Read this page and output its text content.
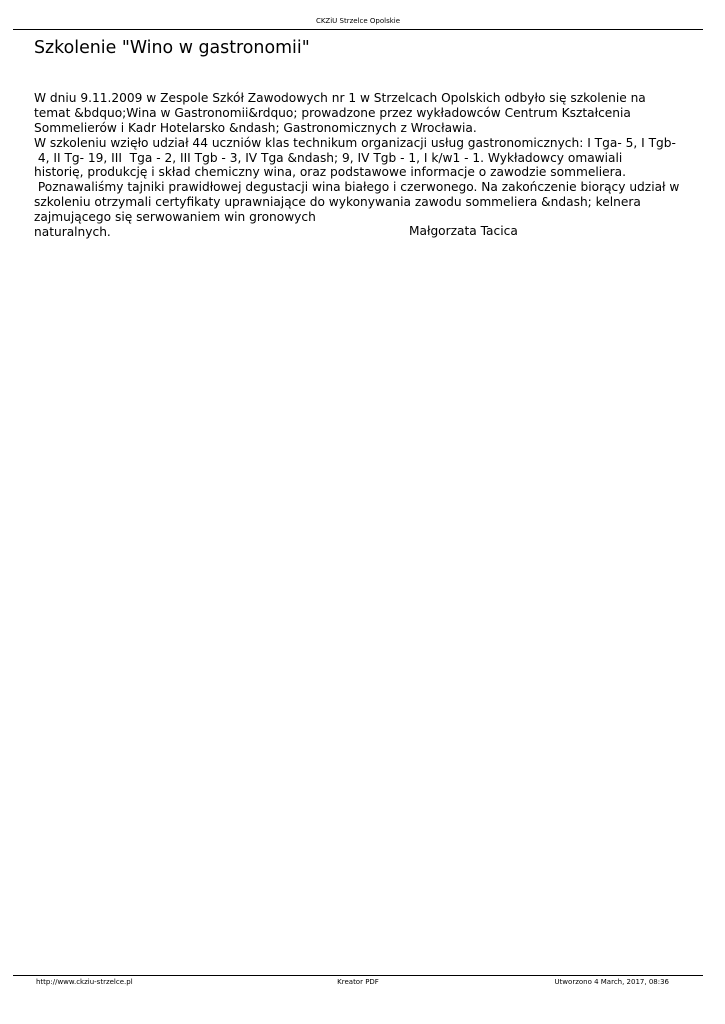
CKZiU Strzelce Opolskie
Szkolenie "Wino w gastronomii"
W dniu 9.11.2009 w Zespole Szkół Zawodowych nr 1 w Strzelcach Opolskich odbyło się szkolenie na
temat &bdquo;Wina w Gastronomii&rdquo; prowadzone przez wykładowców Centrum Kształcenia
Sommelierów i Kadr Hotelarsko &ndash; Gastronomicznych z Wrocławia.
W szkoleniu wzięło udział 44 uczniów klas technikum organizacji usług gastronomicznych: I Tga- 5, I Tgb-
4, II Tg- 19, III  Tga - 2, III Tgb - 3, IV Tga &ndash; 9, IV Tgb - 1, I k/w1 - 1. Wykładowcy omawiali
historię, produkcję i skład chemiczny wina, oraz podstawowe informacje o zawodzie sommeliera.
Poznawaliśmy tajniki prawidłowej degustacji wina białego i czerwonego. Na zakończenie biorący udział w
szkoleniu otrzymali certyfikaty uprawniające do wykonywania zawodu sommeliera &ndash; kelnera
zajmującego się serwowaniem win gronowych
naturalnych.	Małgorzata Tacica
http://www.ckziu-strzelce.pl	Kreator PDF	Utworzono 4 March, 2017, 08:36
